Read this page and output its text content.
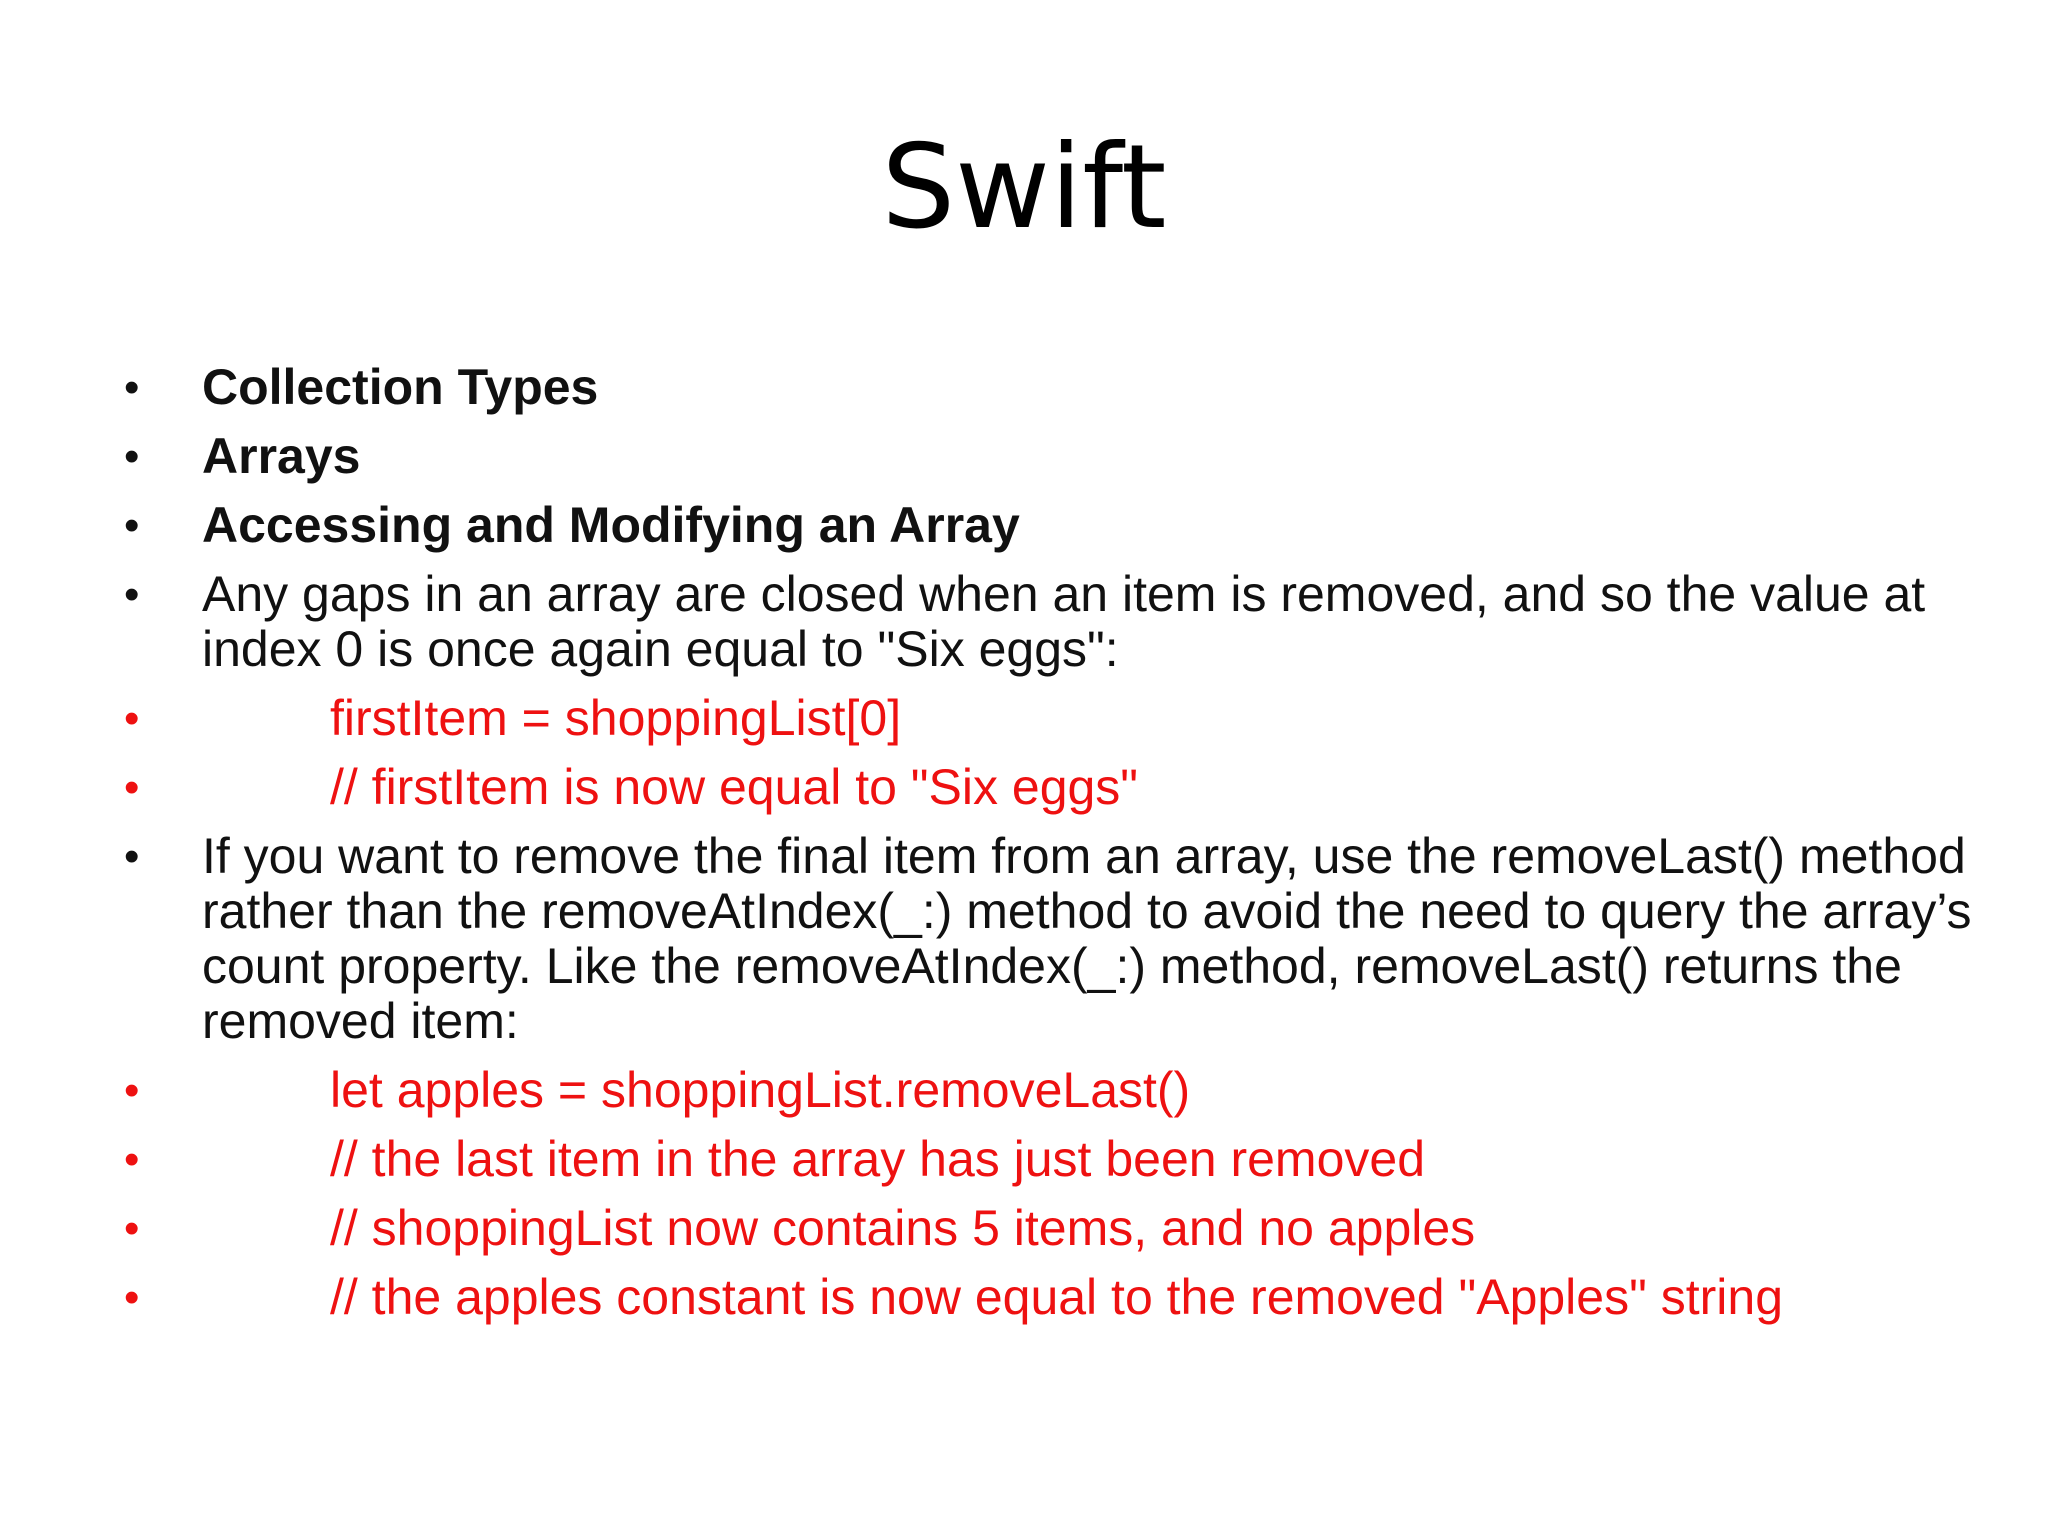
Swift
• Collection Types
• Arrays
• Accessing and Modifying an Array
• Any gaps in an array are closed when an item is removed, and so the value at index 0 is once again equal to "Six eggs":
•	firstItem = shoppingList[0]
•	// firstItem is now equal to "Six eggs"
• If you want to remove the final item from an array, use the removeLast() method rather than the removeAtIndex(_:) method to avoid the need to query the array’s count property. Like the removeAtIndex(_:) method, removeLast() returns the removed item:
•	let apples = shoppingList.removeLast()
•	// the last item in the array has just been removed
•	// shoppingList now contains 5 items, and no apples
•	// the apples constant is now equal to the removed "Apples" string
